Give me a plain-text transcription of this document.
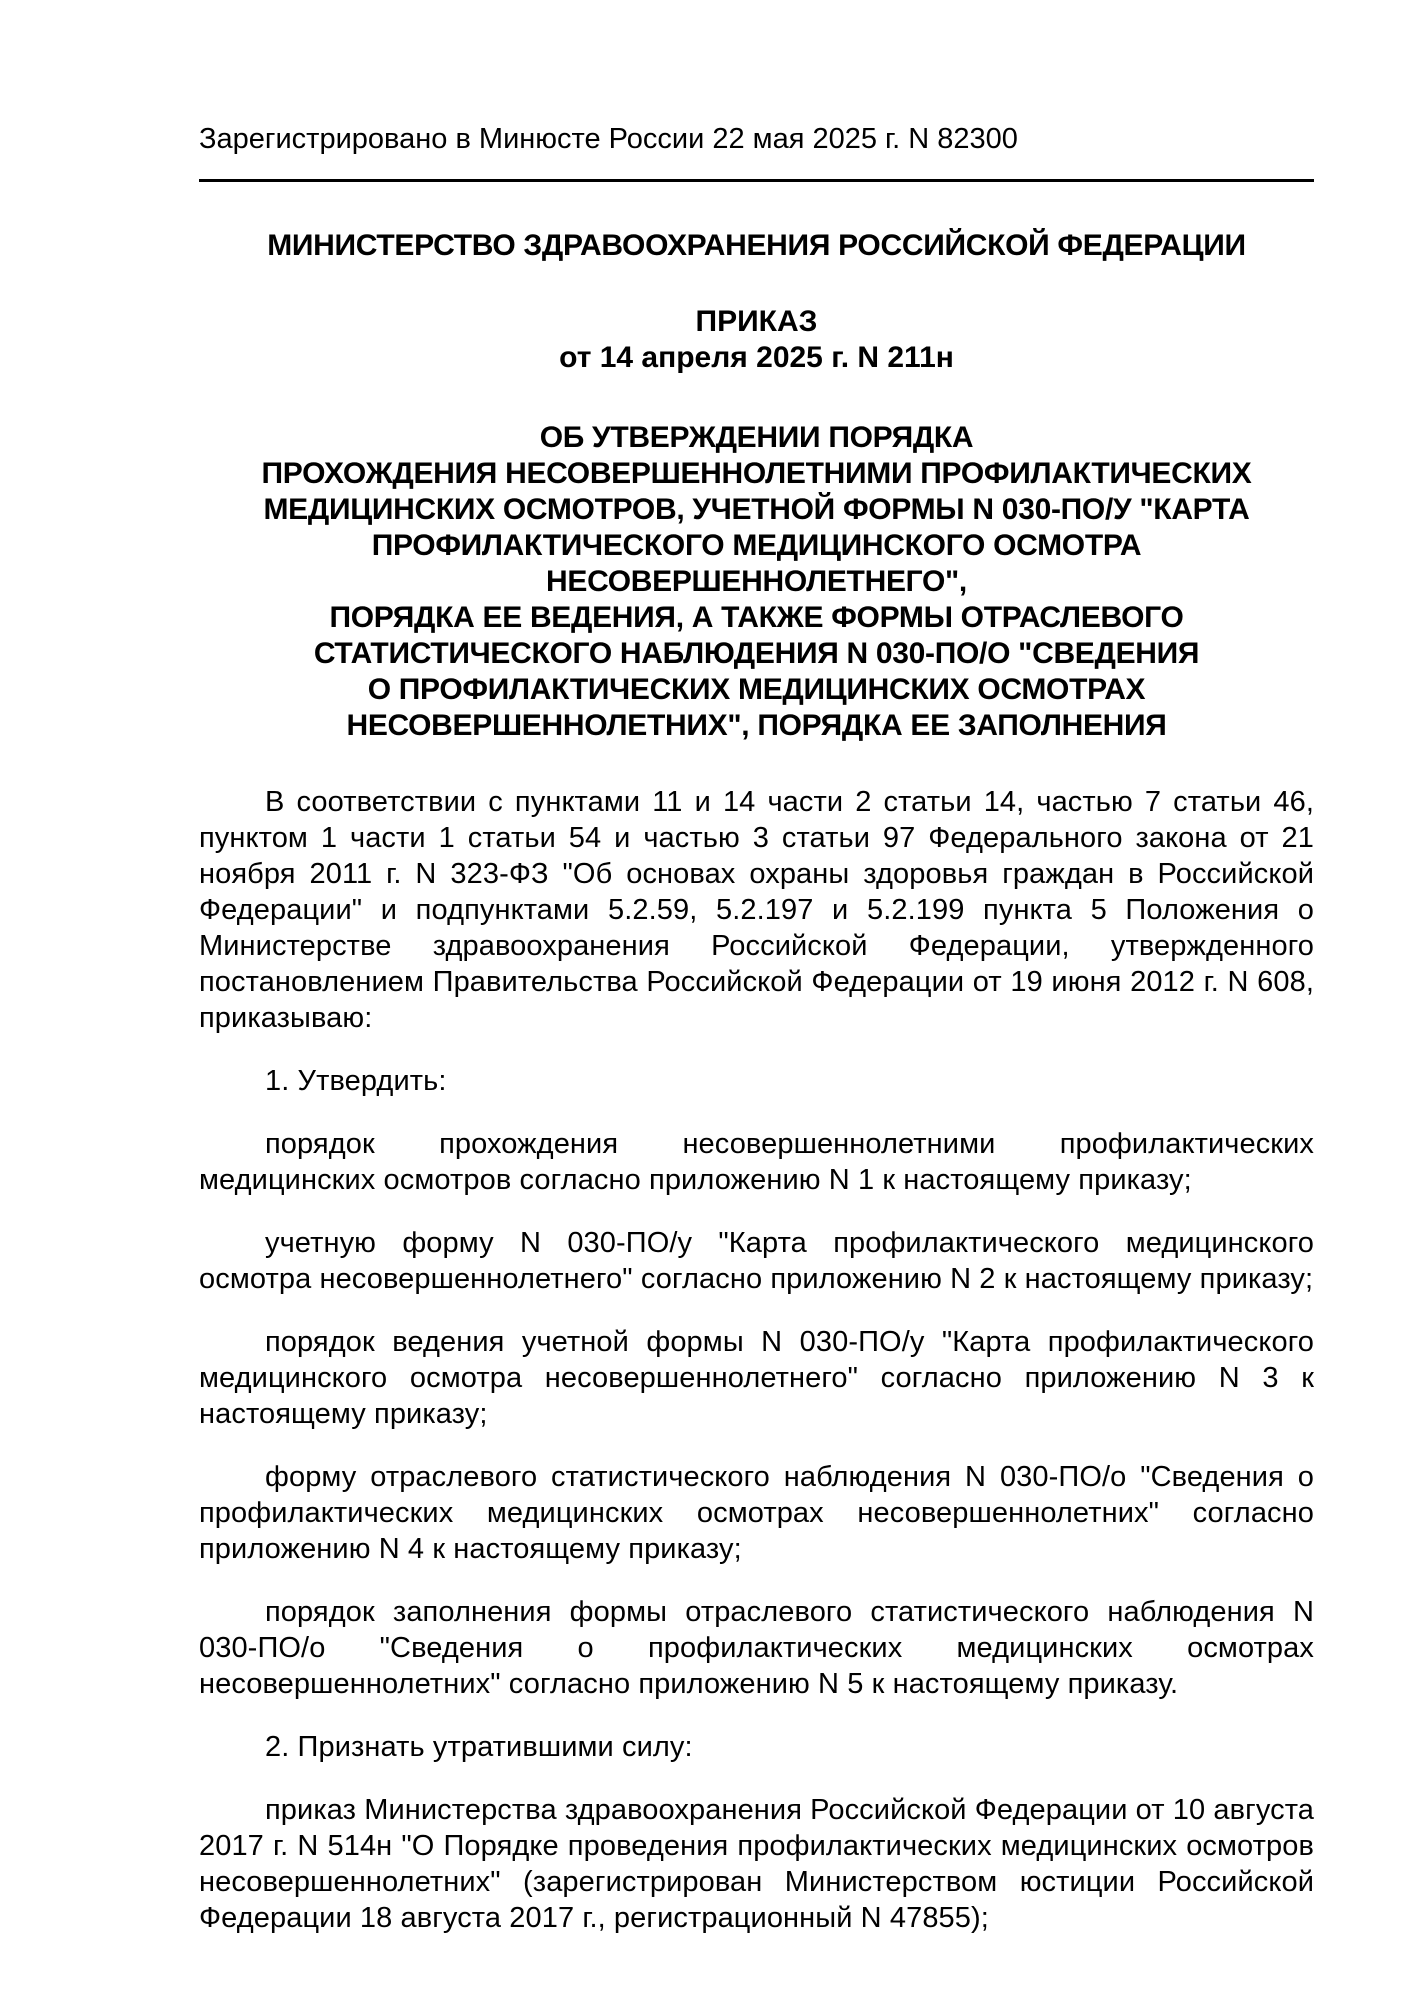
Зарегистрировано в Минюсте России 22 мая 2025 г. N 82300
МИНИСТЕРСТВО ЗДРАВООХРАНЕНИЯ РОССИЙСКОЙ ФЕДЕРАЦИИ
ПРИКАЗ
от 14 апреля 2025 г. N 211н
ОБ УТВЕРЖДЕНИИ ПОРЯДКА
ПРОХОЖДЕНИЯ НЕСОВЕРШЕННОЛЕТНИМИ ПРОФИЛАКТИЧЕСКИХ
МЕДИЦИНСКИХ ОСМОТРОВ, УЧЕТНОЙ ФОРМЫ N 030-ПО/У "КАРТА
ПРОФИЛАКТИЧЕСКОГО МЕДИЦИНСКОГО ОСМОТРА НЕСОВЕРШЕННОЛЕТНЕГО",
ПОРЯДКА ЕЕ ВЕДЕНИЯ, А ТАКЖЕ ФОРМЫ ОТРАСЛЕВОГО
СТАТИСТИЧЕСКОГО НАБЛЮДЕНИЯ N 030-ПО/О "СВЕДЕНИЯ
О ПРОФИЛАКТИЧЕСКИХ МЕДИЦИНСКИХ ОСМОТРАХ
НЕСОВЕРШЕННОЛЕТНИХ", ПОРЯДКА ЕЕ ЗАПОЛНЕНИЯ

В соответствии с пунктами 11 и 14 части 2 статьи 14, частью 7 статьи 46, пунктом 1 части 1 статьи 54 и частью 3 статьи 97 Федерального закона от 21 ноября 2011 г. N 323-ФЗ "Об основах охраны здоровья граждан в Российской Федерации" и подпунктами 5.2.59, 5.2.197 и 5.2.199 пункта 5 Положения о Министерстве здравоохранения Российской Федерации, утвержденного постановлением Правительства Российской Федерации от 19 июня 2012 г. N 608, приказываю:

1. Утвердить:

порядок прохождения несовершеннолетними профилактических медицинских осмотров согласно приложению N 1 к настоящему приказу;

учетную форму N 030-ПО/у "Карта профилактического медицинского осмотра несовершеннолетнего" согласно приложению N 2 к настоящему приказу;

порядок ведения учетной формы N 030-ПО/у "Карта профилактического медицинского осмотра несовершеннолетнего" согласно приложению N 3 к настоящему приказу;

форму отраслевого статистического наблюдения N 030-ПО/о "Сведения о профилактических медицинских осмотрах несовершеннолетних" согласно приложению N 4 к настоящему приказу;

порядок заполнения формы отраслевого статистического наблюдения N 030-ПО/о "Сведения о профилактических медицинских осмотрах несовершеннолетних" согласно приложению N 5 к настоящему приказу.

2. Признать утратившими силу:

приказ Министерства здравоохранения Российской Федерации от 10 августа 2017 г. N 514н "О Порядке проведения профилактических медицинских осмотров несовершеннолетних" (зарегистрирован Министерством юстиции Российской Федерации 18 августа 2017 г., регистрационный N 47855);
